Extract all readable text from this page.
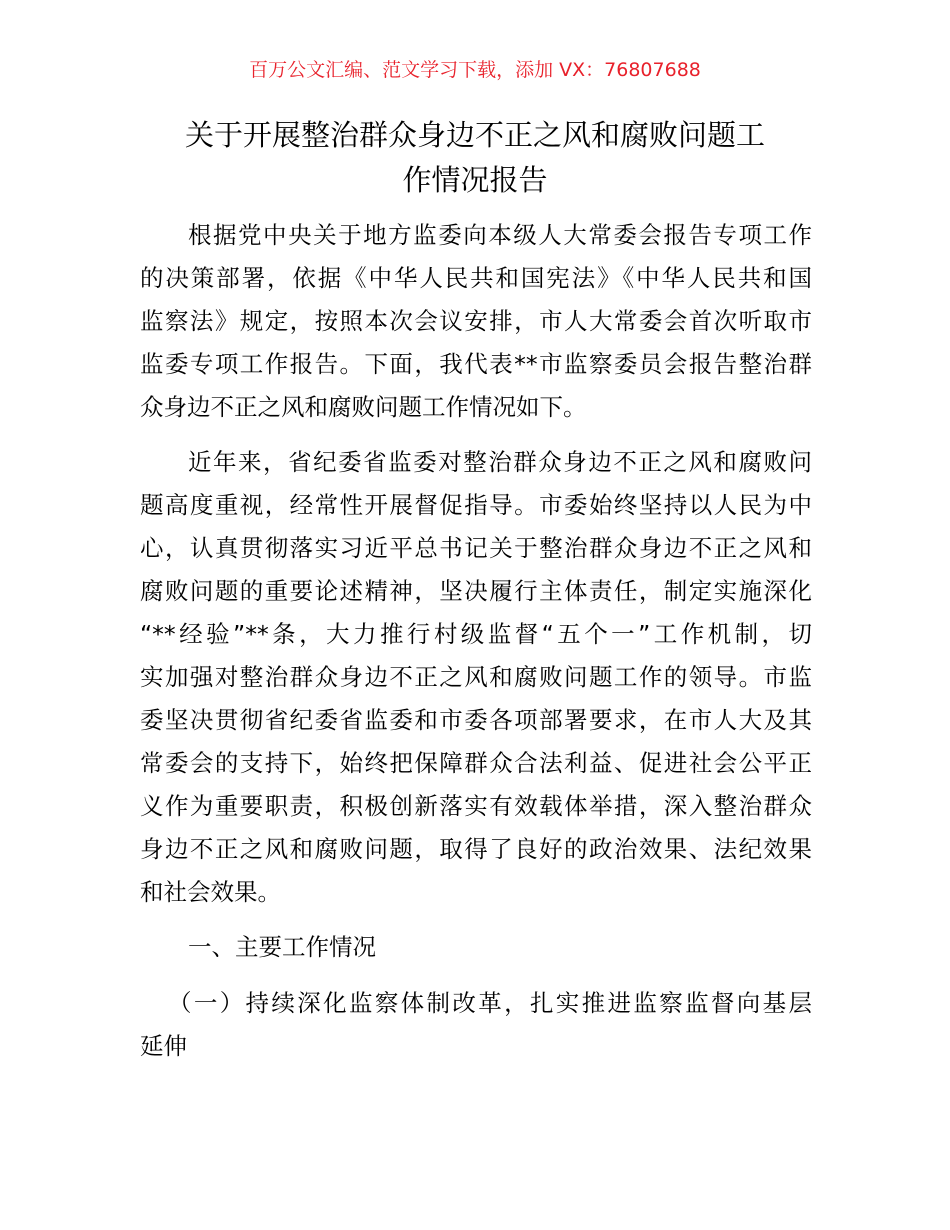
百万公文汇编、范文学习下载，添加 VX：76807688
关于开展整治群众身边不正之风和腐败问题工
作情况报告
根据党中央关于地方监委向本级人大常委会报告专项工作
的决策部署，依据《中华人民共和国宪法》《中华人民共和国
监察法》规定，按照本次会议安排，市人大常委会首次听取市
监委专项工作报告。下面，我代表**市监察委员会报告整治群
众身边不正之风和腐败问题工作情况如下。
近年来，省纪委省监委对整治群众身边不正之风和腐败问
题高度重视，经常性开展督促指导。市委始终坚持以人民为中
心，认真贯彻落实习近平总书记关于整治群众身边不正之风和
腐败问题的重要论述精神，坚决履行主体责任，制定实施深化
“**经验”**条，大力推行村级监督“五个一”工作机制，切
实加强对整治群众身边不正之风和腐败问题工作的领导。市监
委坚决贯彻省纪委省监委和市委各项部署要求，在市人大及其
常委会的支持下，始终把保障群众合法利益、促进社会公平正
义作为重要职责，积极创新落实有效载体举措，深入整治群众
身边不正之风和腐败问题，取得了良好的政治效果、法纪效果
和社会效果。
一、主要工作情况
（一）持续深化监察体制改革，扎实推进监察监督向基层
延伸
